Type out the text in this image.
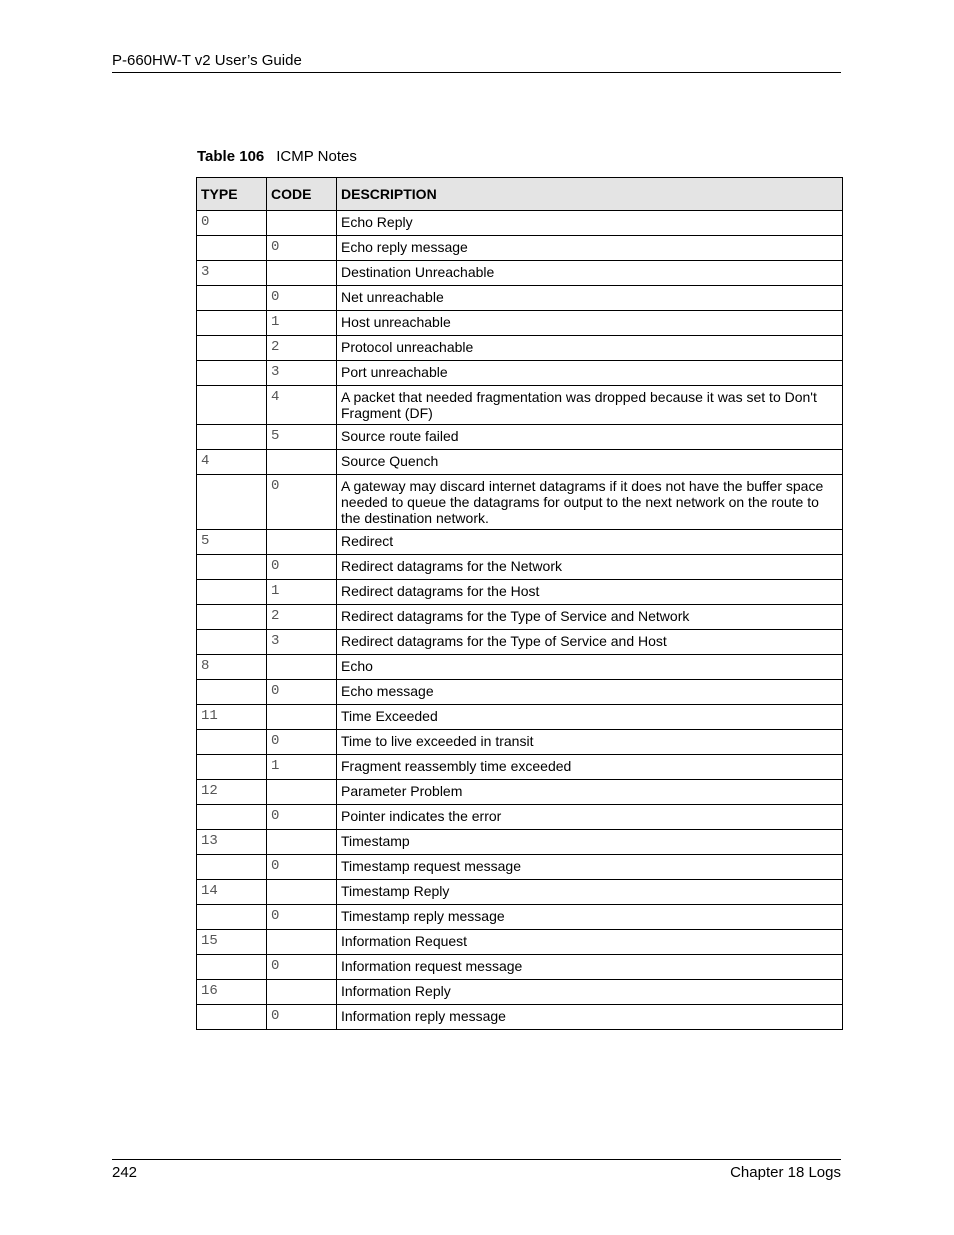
P-660HW-T v2 User’s Guide
Table 106 ICMP Notes
TYPE	CODE	DESCRIPTION
0		Echo Reply
	0	Echo reply message
3		Destination Unreachable
	0	Net unreachable
	1	Host unreachable
	2	Protocol unreachable
	3	Port unreachable
	4	A packet that needed fragmentation was dropped because it was set to Don't Fragment (DF)
	5	Source route failed
4		Source Quench
	0	A gateway may discard internet datagrams if it does not have the buffer space needed to queue the datagrams for output to the next network on the route to the destination network.
5		Redirect
	0	Redirect datagrams for the Network
	1	Redirect datagrams for the Host
	2	Redirect datagrams for the Type of Service and Network
	3	Redirect datagrams for the Type of Service and Host
8		Echo
	0	Echo message
11		Time Exceeded
	0	Time to live exceeded in transit
	1	Fragment reassembly time exceeded
12		Parameter Problem
	0	Pointer indicates the error
13		Timestamp
	0	Timestamp request message
14		Timestamp Reply
	0	Timestamp reply message
15		Information Request
	0	Information request message
16		Information Reply
	0	Information reply message
242	Chapter 18 Logs
